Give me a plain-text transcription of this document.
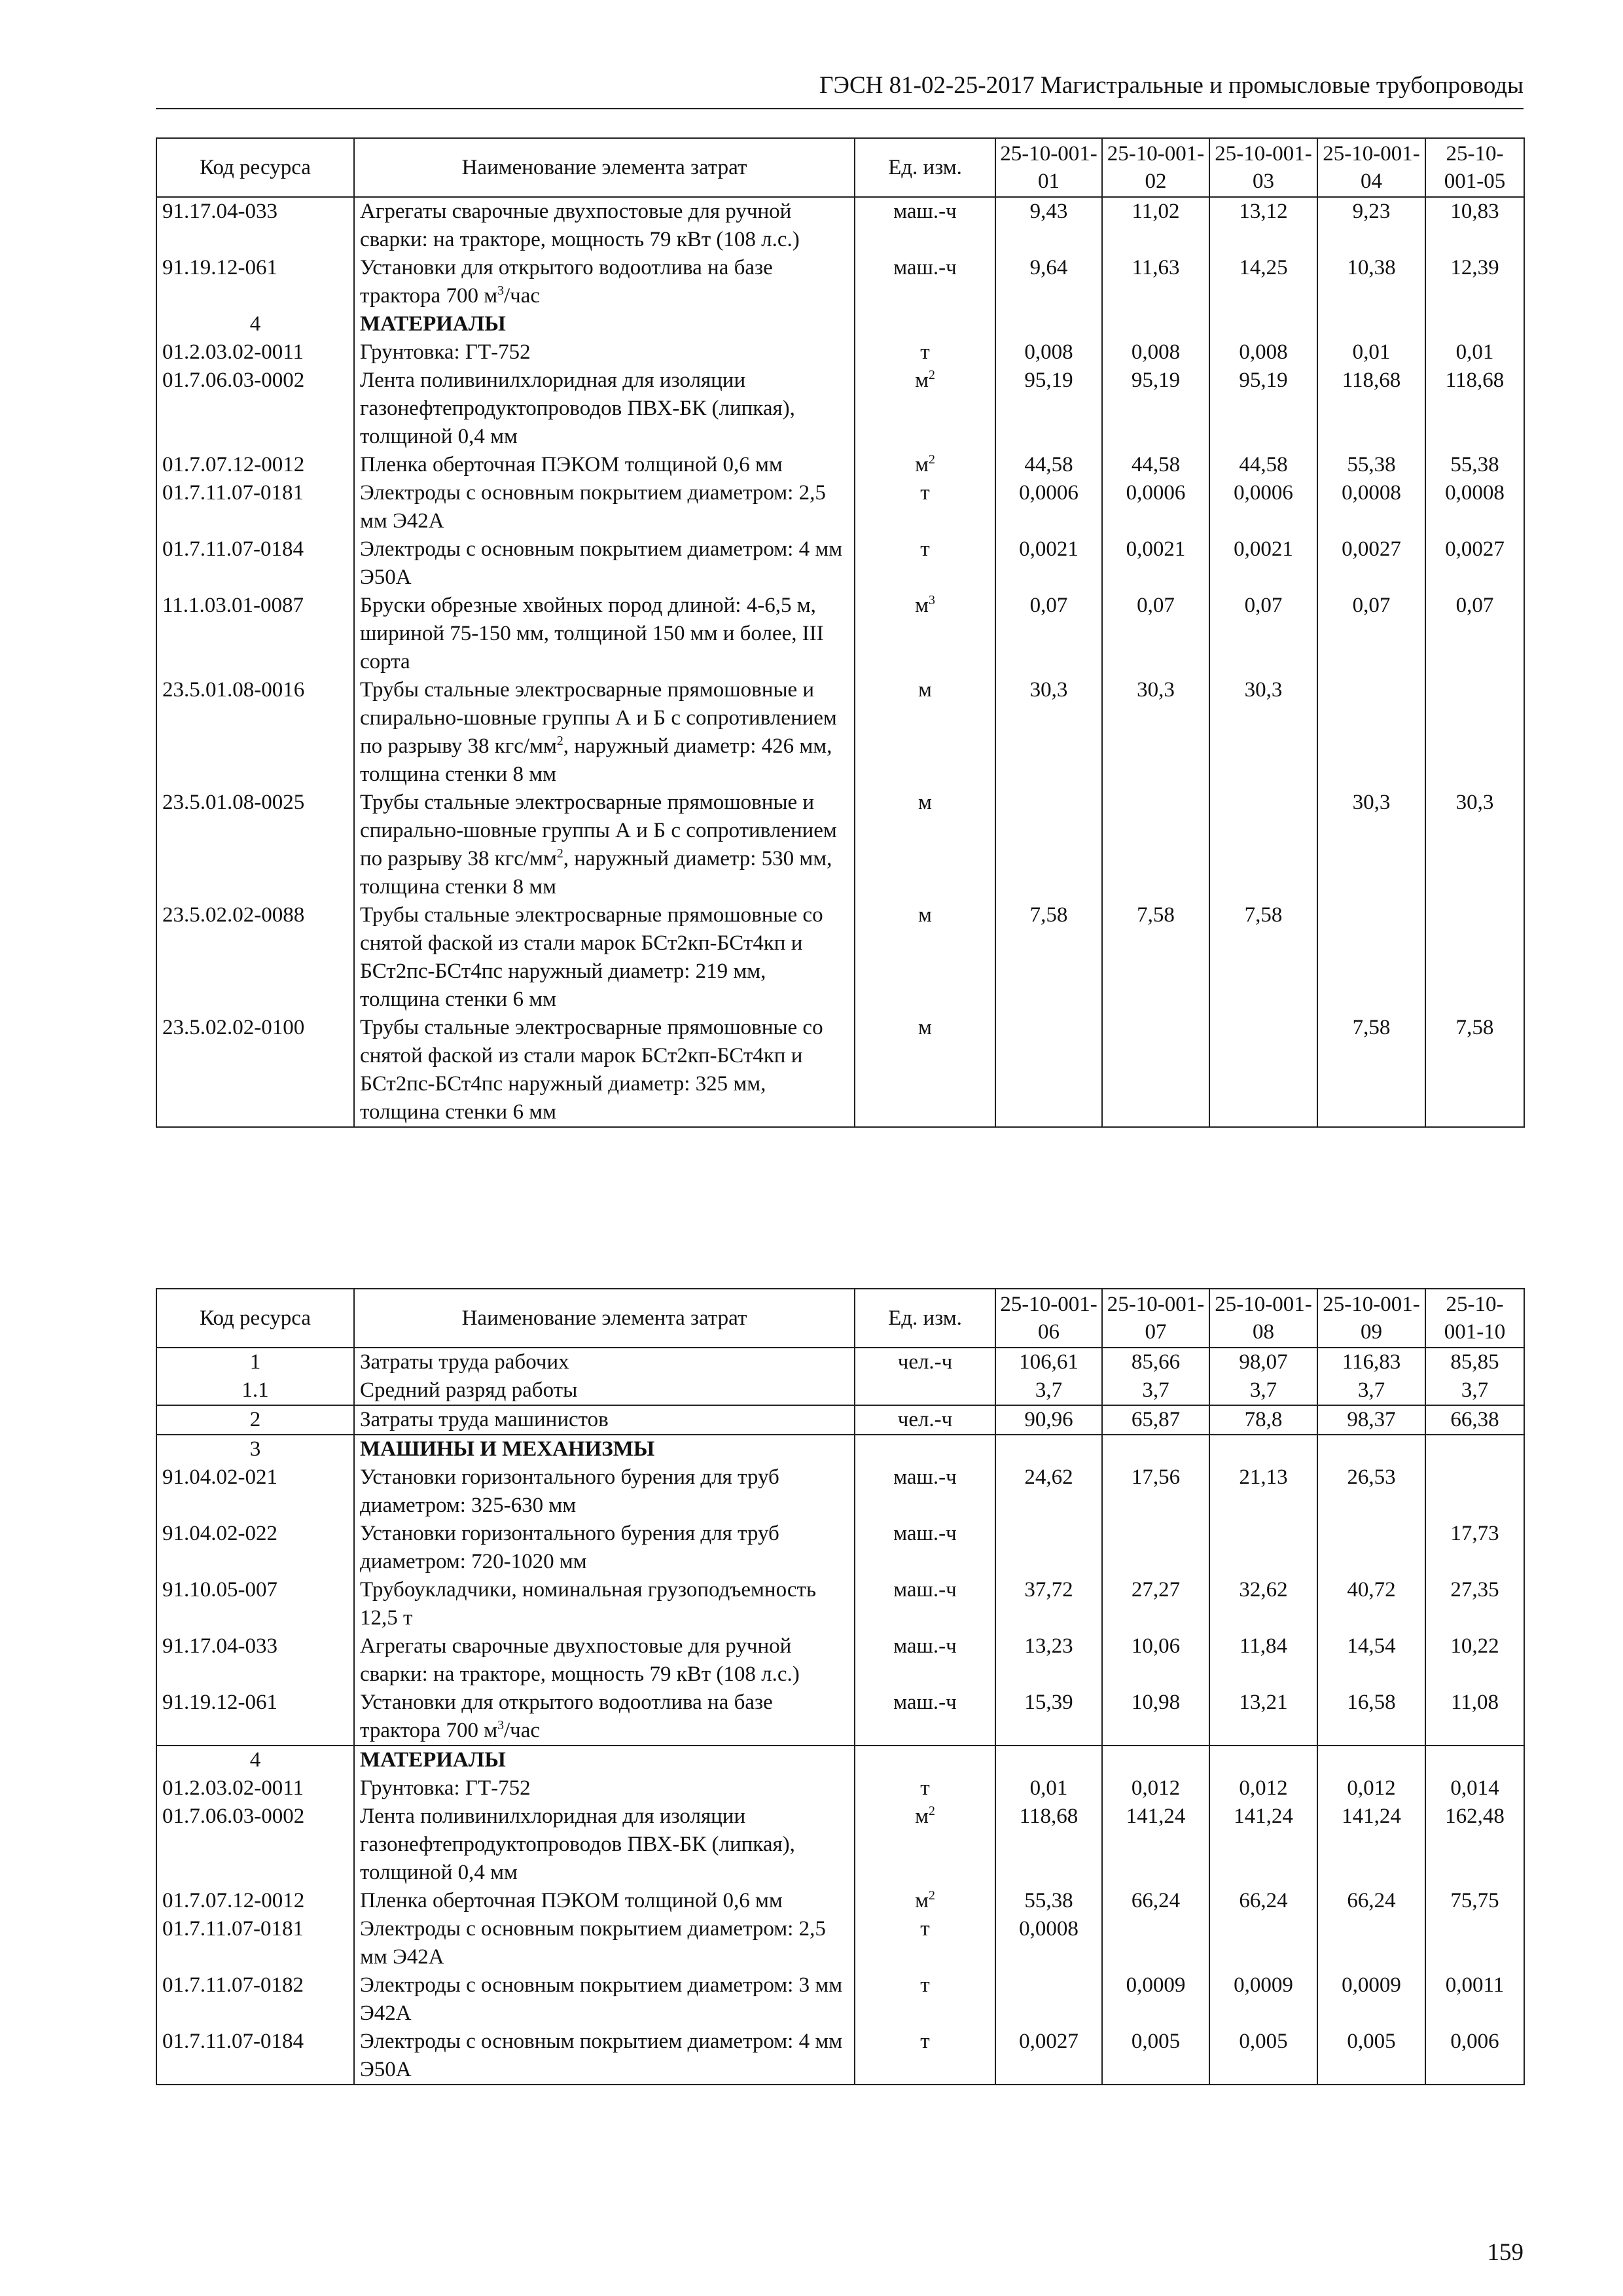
ГЭСН 81-02-25-2017 Магистральные и промысловые трубопроводы
Код ресурса	Наименование элемента затрат	Ед. изм.	25-10-001-01	25-10-001-02	25-10-001-03	25-10-001-04	25-10-001-05
91.17.04-033	Агрегаты сварочные двухпостовые для ручной сварки: на тракторе, мощность 79 кВт (108 л.с.)	маш.-ч	9,43	11,02	13,12	9,23	10,83
91.19.12-061	Установки для открытого водоотлива на базе трактора 700 $м^3$/час	маш.-ч	9,64	11,63	14,25	10,38	12,39
4	МАТЕРИАЛЫ						
01.2.03.02-0011	Грунтовка: ГТ-752	т	0,008	0,008	0,008	0,01	0,01
01.7.06.03-0002	Лента поливинилхлоридная для изоляции газонефтепродуктопроводов ПВХ-БК (липкая), толщиной 0,4 мм	$м^2$	95,19	95,19	95,19	118,68	118,68
01.7.07.12-0012	Пленка оберточная ПЭКОМ толщиной 0,6 мм	$м^2$	44,58	44,58	44,58	55,38	55,38
01.7.11.07-0181	Электроды с основным покрытием диаметром: 2,5 мм Э42А	т	0,0006	0,0006	0,0006	0,0008	0,0008
01.7.11.07-0184	Электроды с основным покрытием диаметром: 4 мм Э50А	т	0,0021	0,0021	0,0021	0,0027	0,0027
11.1.03.01-0087	Бруски обрезные хвойных пород длиной: 4-6,5 м, шириной 75-150 мм, толщиной 150 мм и более, III сорта	$м^3$	0,07	0,07	0,07	0,07	0,07
23.5.01.08-0016	Трубы стальные электросварные прямошовные и спирально-шовные группы А и Б с сопротивлением по разрыву 38 кгс/$мм^2$, наружный диаметр: 426 мм, толщина стенки 8 мм	м	30,3	30,3	30,3		
23.5.01.08-0025	Трубы стальные электросварные прямошовные и спирально-шовные группы А и Б с сопротивлением по разрыву 38 кгс/$мм^2$, наружный диаметр: 530 мм, толщина стенки 8 мм	м				30,3	30,3
23.5.02.02-0088	Трубы стальные электросварные прямошовные со снятой фаской из стали марок БСт2кп-БСт4кп и БСт2пс-БСт4пс наружный диаметр: 219 мм, толщина стенки 6 мм	м	7,58	7,58	7,58		
23.5.02.02-0100	Трубы стальные электросварные прямошовные со снятой фаской из стали марок БСт2кп-БСт4кп и БСт2пс-БСт4пс наружный диаметр: 325 мм, толщина стенки 6 мм	м				7,58	7,58
Код ресурса	Наименование элемента затрат	Ед. изм.	25-10-001-06	25-10-001-07	25-10-001-08	25-10-001-09	25-10-001-10
1	Затраты труда рабочих	чел.-ч	106,61	85,66	98,07	116,83	85,85
1.1	Средний разряд работы		3,7	3,7	3,7	3,7	3,7
2	Затраты труда машинистов	чел.-ч	90,96	65,87	78,8	98,37	66,38
3	МАШИНЫ И МЕХАНИЗМЫ						
91.04.02-021	Установки горизонтального бурения для труб диаметром: 325-630 мм	маш.-ч	24,62	17,56	21,13	26,53	
91.04.02-022	Установки горизонтального бурения для труб диаметром: 720-1020 мм	маш.-ч					17,73
91.10.05-007	Трубоукладчики, номинальная грузоподъемность 12,5 т	маш.-ч	37,72	27,27	32,62	40,72	27,35
91.17.04-033	Агрегаты сварочные двухпостовые для ручной сварки: на тракторе, мощность 79 кВт (108 л.с.)	маш.-ч	13,23	10,06	11,84	14,54	10,22
91.19.12-061	Установки для открытого водоотлива на базе трактора 700 $м^3$/час	маш.-ч	15,39	10,98	13,21	16,58	11,08
4	МАТЕРИАЛЫ						
01.2.03.02-0011	Грунтовка: ГТ-752	т	0,01	0,012	0,012	0,012	0,014
01.7.06.03-0002	Лента поливинилхлоридная для изоляции газонефтепродуктопроводов ПВХ-БК (липкая), толщиной 0,4 мм	$м^2$	118,68	141,24	141,24	141,24	162,48
01.7.07.12-0012	Пленка оберточная ПЭКОМ толщиной 0,6 мм	$м^2$	55,38	66,24	66,24	66,24	75,75
01.7.11.07-0181	Электроды с основным покрытием диаметром: 2,5 мм Э42А	т	0,0008				
01.7.11.07-0182	Электроды с основным покрытием диаметром: 3 мм Э42А	т		0,0009	0,0009	0,0009	0,0011
01.7.11.07-0184	Электроды с основным покрытием диаметром: 4 мм Э50А	т	0,0027	0,005	0,005	0,005	0,006
159
